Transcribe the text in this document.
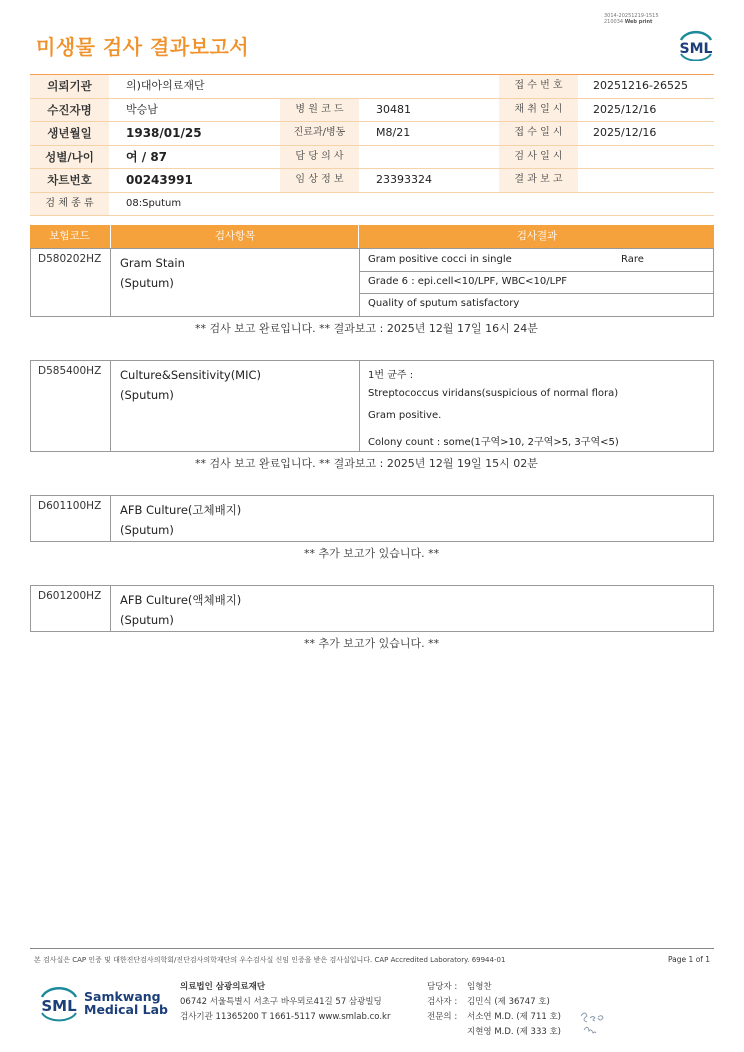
미생물 검사 결과보고서
3014-20251219-1515
210034 Web print
SML
의뢰기관	의)대아의료재단	접 수 번 호	20251216-26525
수진자명	박승남	병 원 코 드	30481	채 취 일 시	2025/12/16
생년월일	1938/01/25	진료과/병동	M8/21	접 수 일 시	2025/12/16
성별/나이	여 / 87	담 당 의 사	검 사 일 시
차트번호	00243991	임 상 정 보	23393324	결 과 보 고
검 체 종 류	08:Sputum
보험코드	검사항목	검사결과
D580202HZ Gram Stain
(Sputum)
Gram positive cocci in single	Rare
Grade 6 : epi.cell<10/LPF, WBC<10/LPF
Quality of sputum satisfactory
** 검사 보고 완료입니다. ** 결과보고 : 2025년 12월 17일 16시 24분
D585400HZ Culture&Sensitivity(MIC)
(Sputum)
1번 균주 :
Streptococcus viridans(suspicious of normal flora)
Gram positive.
Colony count : some(1구역>10, 2구역>5, 3구역<5)
** 검사 보고 완료입니다. ** 결과보고 : 2025년 12월 19일 15시 02분
D601100HZ AFB Culture(고체배지)
(Sputum)
** 추가 보고가 있습니다. **
D601200HZ AFB Culture(액체배지)
(Sputum)
** 추가 보고가 있습니다. **
본 검사실은 CAP 인증 및 대한진단검사의학회/진단검사의학재단의 우수검사실 신임 인증을 받은 검사실입니다. CAP Accredited Laboratory. 69944-01	Page 1 of 1
SML
Samkwang
Medical Lab
의료법인 삼광의료재단
06742 서울특별시 서초구 바우뫼로41길 57 삼광빌딩
검사기관 11365200 T 1661-5117 www.smlab.co.kr
담당자 : 임형찬
검사자 : 김민식 (제 36747 호)
전문의 : 서소연 M.D. (제 711 호)
지현영 M.D. (제 333 호)
